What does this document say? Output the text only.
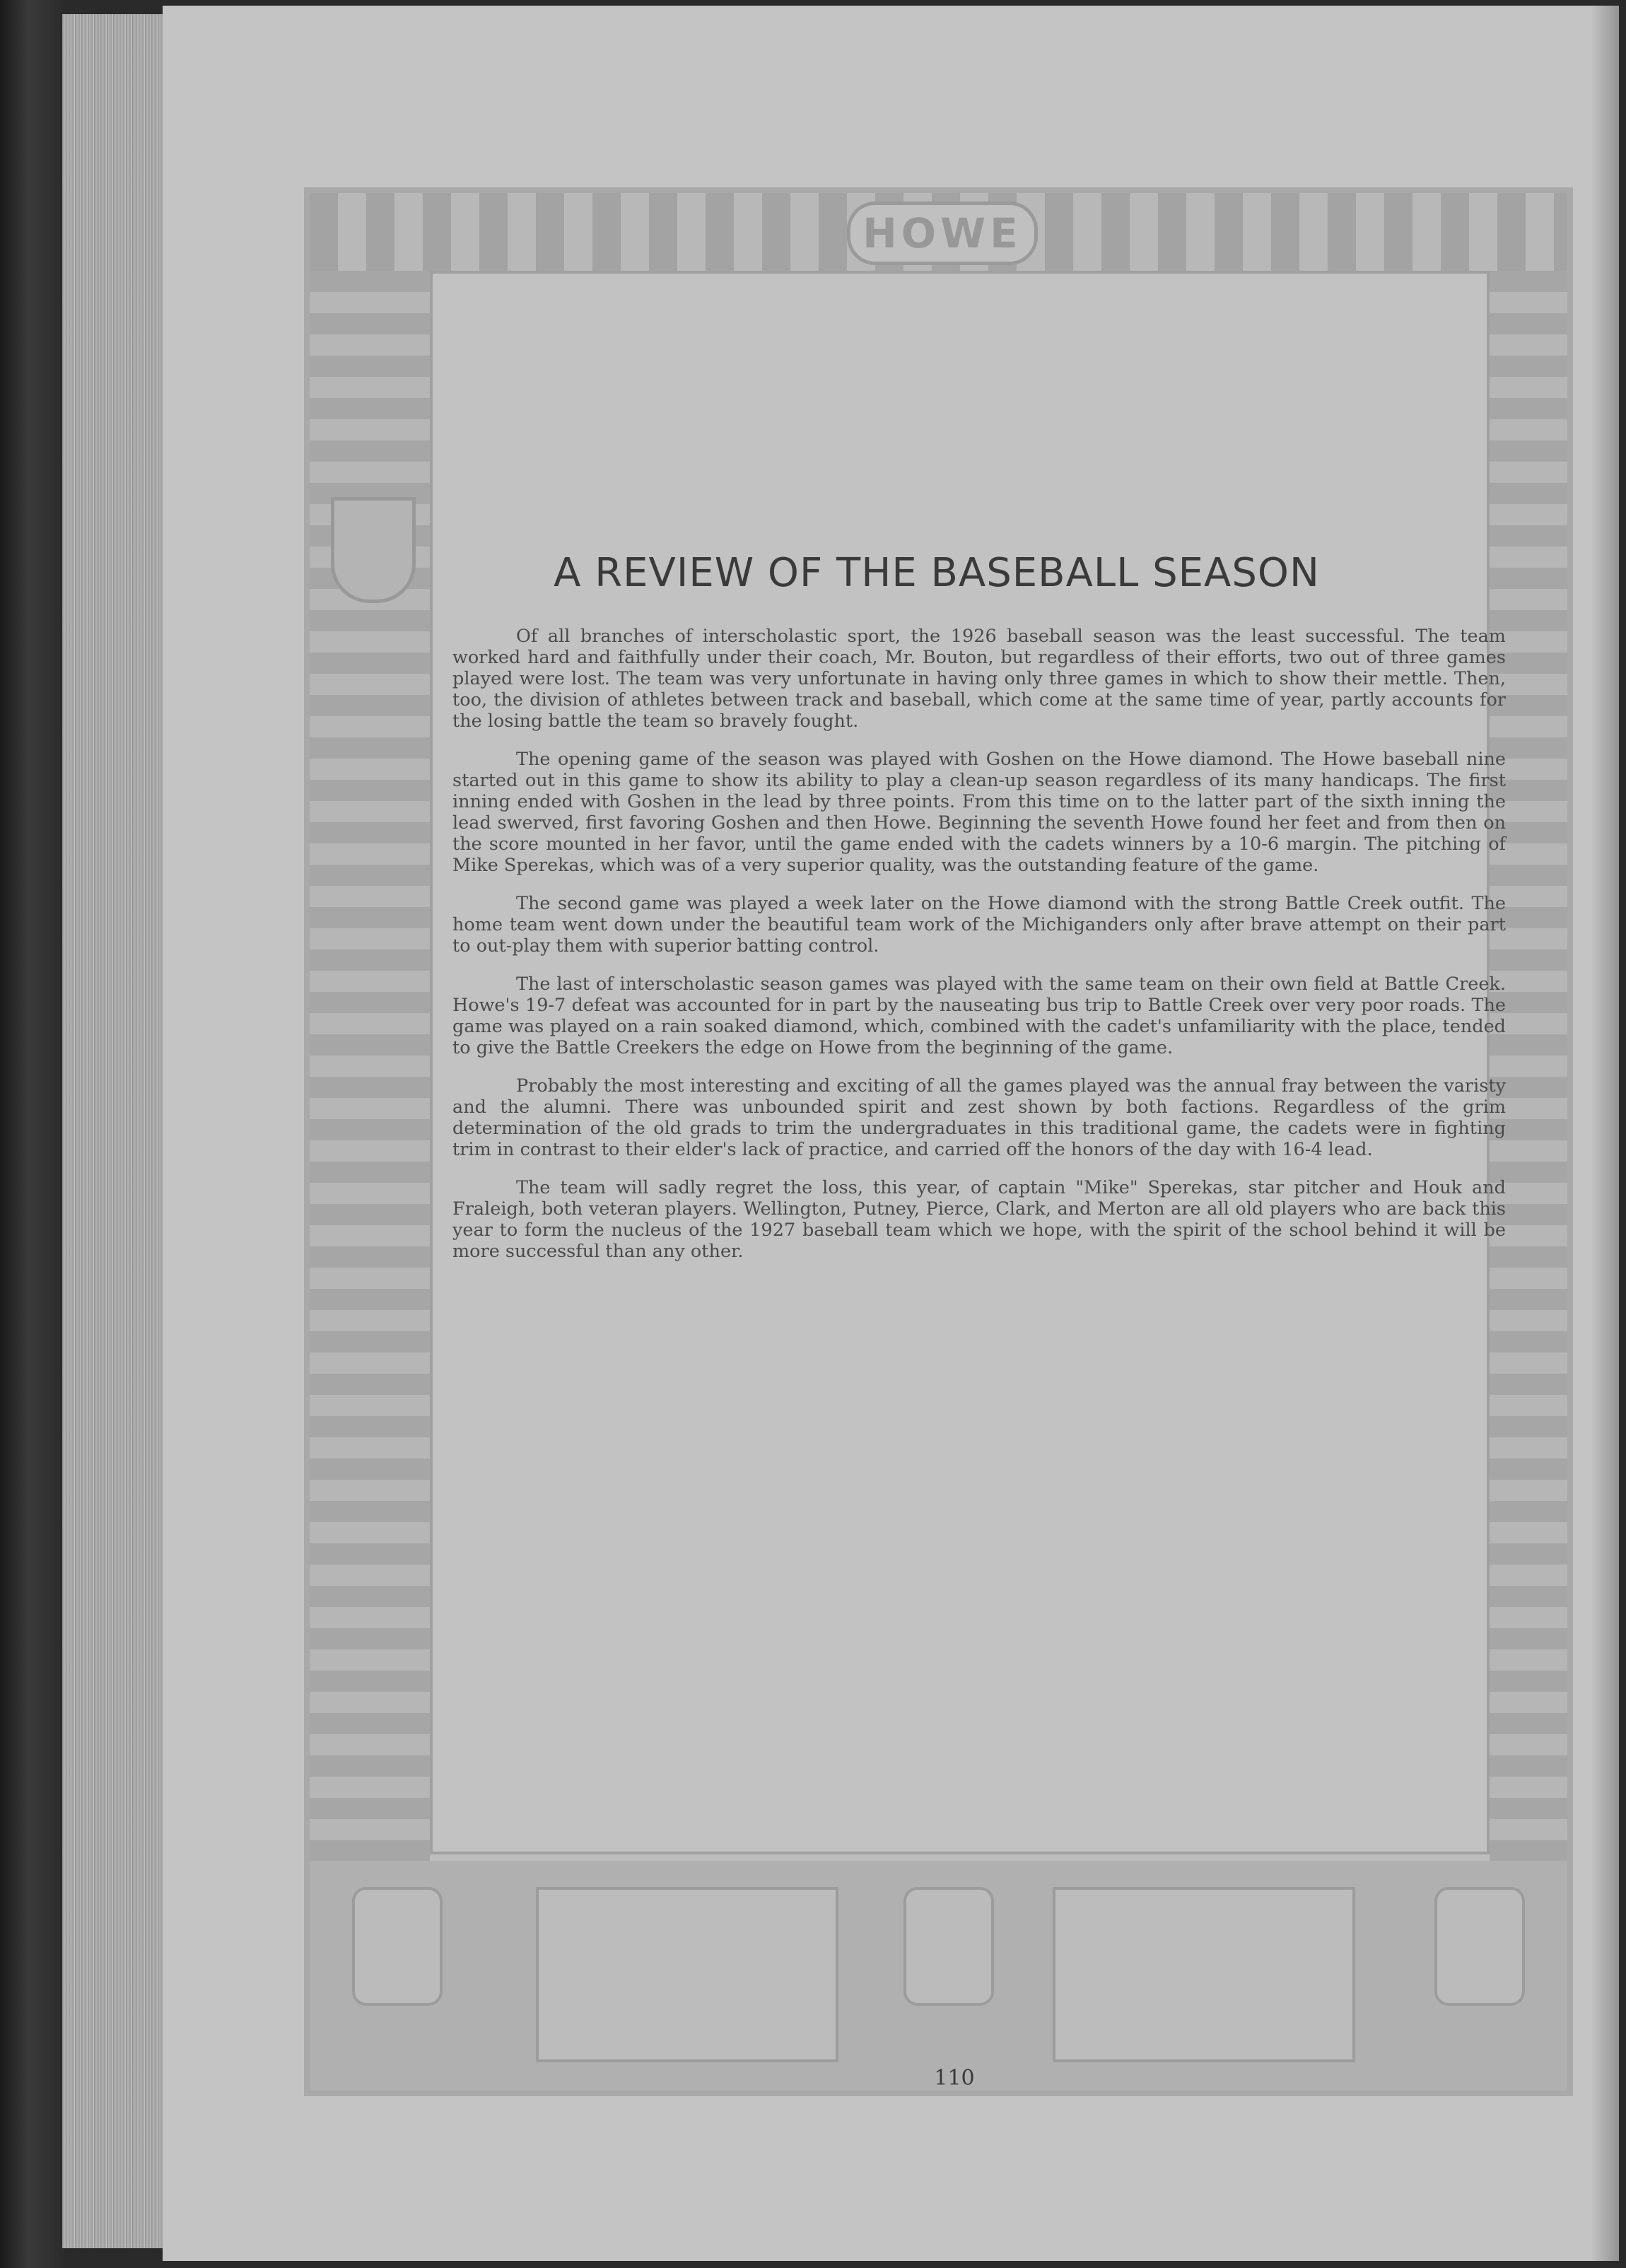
HOWE
A REVIEW OF THE BASEBALL SEASON

Of all branches of interscholastic sport, the 1926 baseball season was the least successful. The team worked hard and faithfully under their coach, Mr. Bouton, but regardless of their efforts, two out of three games played were lost. The team was very unfortunate in having only three games in which to show their mettle. Then, too, the division of athletes between track and baseball, which come at the same time of year, partly accounts for the losing battle the team so bravely fought.

The opening game of the season was played with Goshen on the Howe diamond. The Howe baseball nine started out in this game to show its ability to play a clean-up season regardless of its many handicaps. The first inning ended with Goshen in the lead by three points. From this time on to the latter part of the sixth inning the lead swerved, first favoring Goshen and then Howe. Beginning the seventh Howe found her feet and from then on the score mounted in her favor, until the game ended with the cadets winners by a 10-6 margin. The pitching of Mike Sperekas, which was of a very superior quality, was the outstanding feature of the game.

The second game was played a week later on the Howe diamond with the strong Battle Creek outfit. The home team went down under the beautiful team work of the Michiganders only after brave attempt on their part to out-play them with superior batting control.

The last of interscholastic season games was played with the same team on their own field at Battle Creek. Howe's 19-7 defeat was accounted for in part by the nauseating bus trip to Battle Creek over very poor roads. The game was played on a rain soaked diamond, which, combined with the cadet's unfamiliarity with the place, tended to give the Battle Creekers the edge on Howe from the beginning of the game.

Probably the most interesting and exciting of all the games played was the annual fray between the varisty and the alumni. There was unbounded spirit and zest shown by both factions. Regardless of the grim determination of the old grads to trim the undergraduates in this traditional game, the cadets were in fighting trim in contrast to their elder's lack of practice, and carried off the honors of the day with 16-4 lead.

The team will sadly regret the loss, this year, of captain "Mike" Sperekas, star pitcher and Houk and Fraleigh, both veteran players. Wellington, Putney, Pierce, Clark, and Merton are all old players who are back this year to form the nucleus of the 1927 baseball team which we hope, with the spirit of the school behind it will be more successful than any other.

110
